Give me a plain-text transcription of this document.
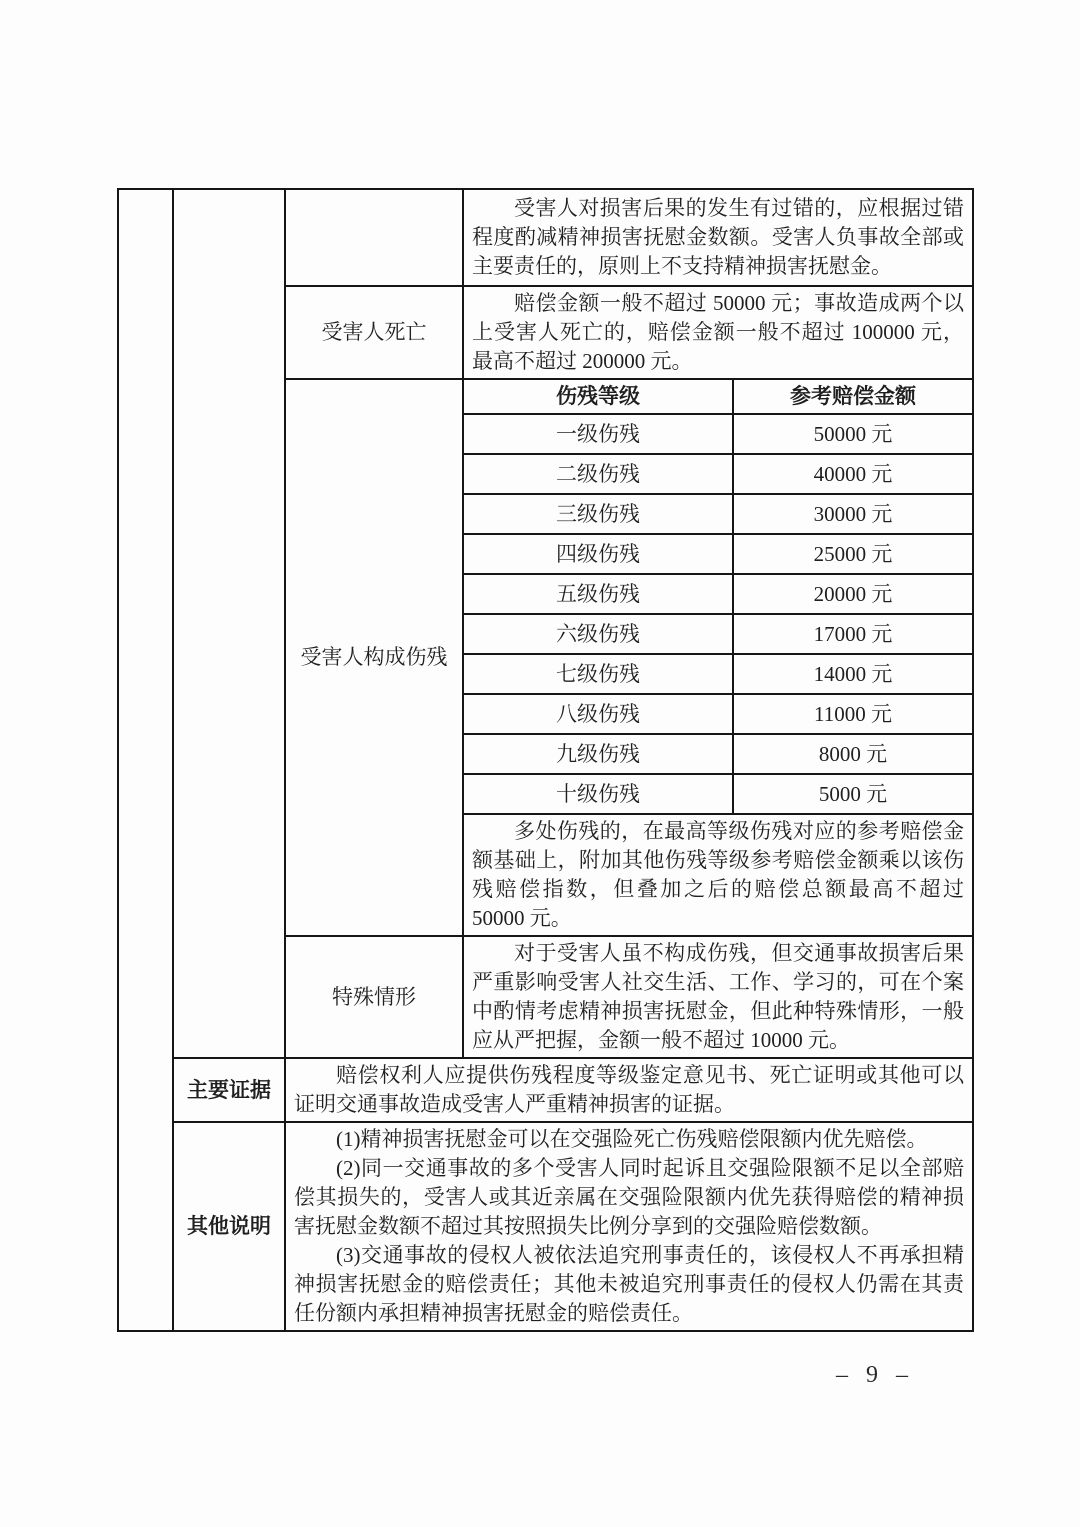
			受害人对损害后果的发生有过错的，应根据过错程度酌减精神损害抚慰金数额。受害人负事故全部或主要责任的，原则上不支持精神损害抚慰金。	

		受害人死亡	赔偿金额一般不超过 50000 元；事故造成两个以上受害人死亡的，赔偿金额一般不超过 100000 元，最高不超过 200000 元。	

		受害人构成伤残	伤残等级	参考赔偿金额
			一级伤残	50000 元
			二级伤残	40000 元
			三级伤残	30000 元
			四级伤残	25000 元
			五级伤残	20000 元
			六级伤残	17000 元
			七级伤残	14000 元
			八级伤残	11000 元
			九级伤残	8000 元
			十级伤残	5000 元

			多处伤残的，在最高等级伤残对应的参考赔偿金额基础上，附加其他伤残等级参考赔偿金额乘以该伤残赔偿指数，但叠加之后的赔偿总额最高不超过 50000 元。	

		特殊情形	对于受害人虽不构成伤残，但交通事故损害后果严重影响受害人社交生活、工作、学习的，可在个案中酌情考虑精神损害抚慰金，但此种特殊情形，一般应从严把握，金额一般不超过 10000 元。	

	主要证据	赔偿权利人应提供伤残程度等级鉴定意见书、死亡证明或其他可以证明交通事故造成受害人严重精神损害的证据。		

	其他说明	(1)精神损害抚慰金可以在交强险死亡伤残赔偿限额内优先赔偿。

(2)同一交通事故的多个受害人同时起诉且交强险限额不足以全部赔偿其损失的，受害人或其近亲属在交强险限额内优先获得赔偿的精神损害抚慰金数额不超过其按照损失比例分享到的交强险赔偿数额。

(3)交通事故的侵权人被依法追究刑事责任的，该侵权人不再承担精神损害抚慰金的赔偿责任；其他未被追究刑事责任的侵权人仍需在其责任份额内承担精神损害抚慰金的赔偿责任。		

– 9 –
